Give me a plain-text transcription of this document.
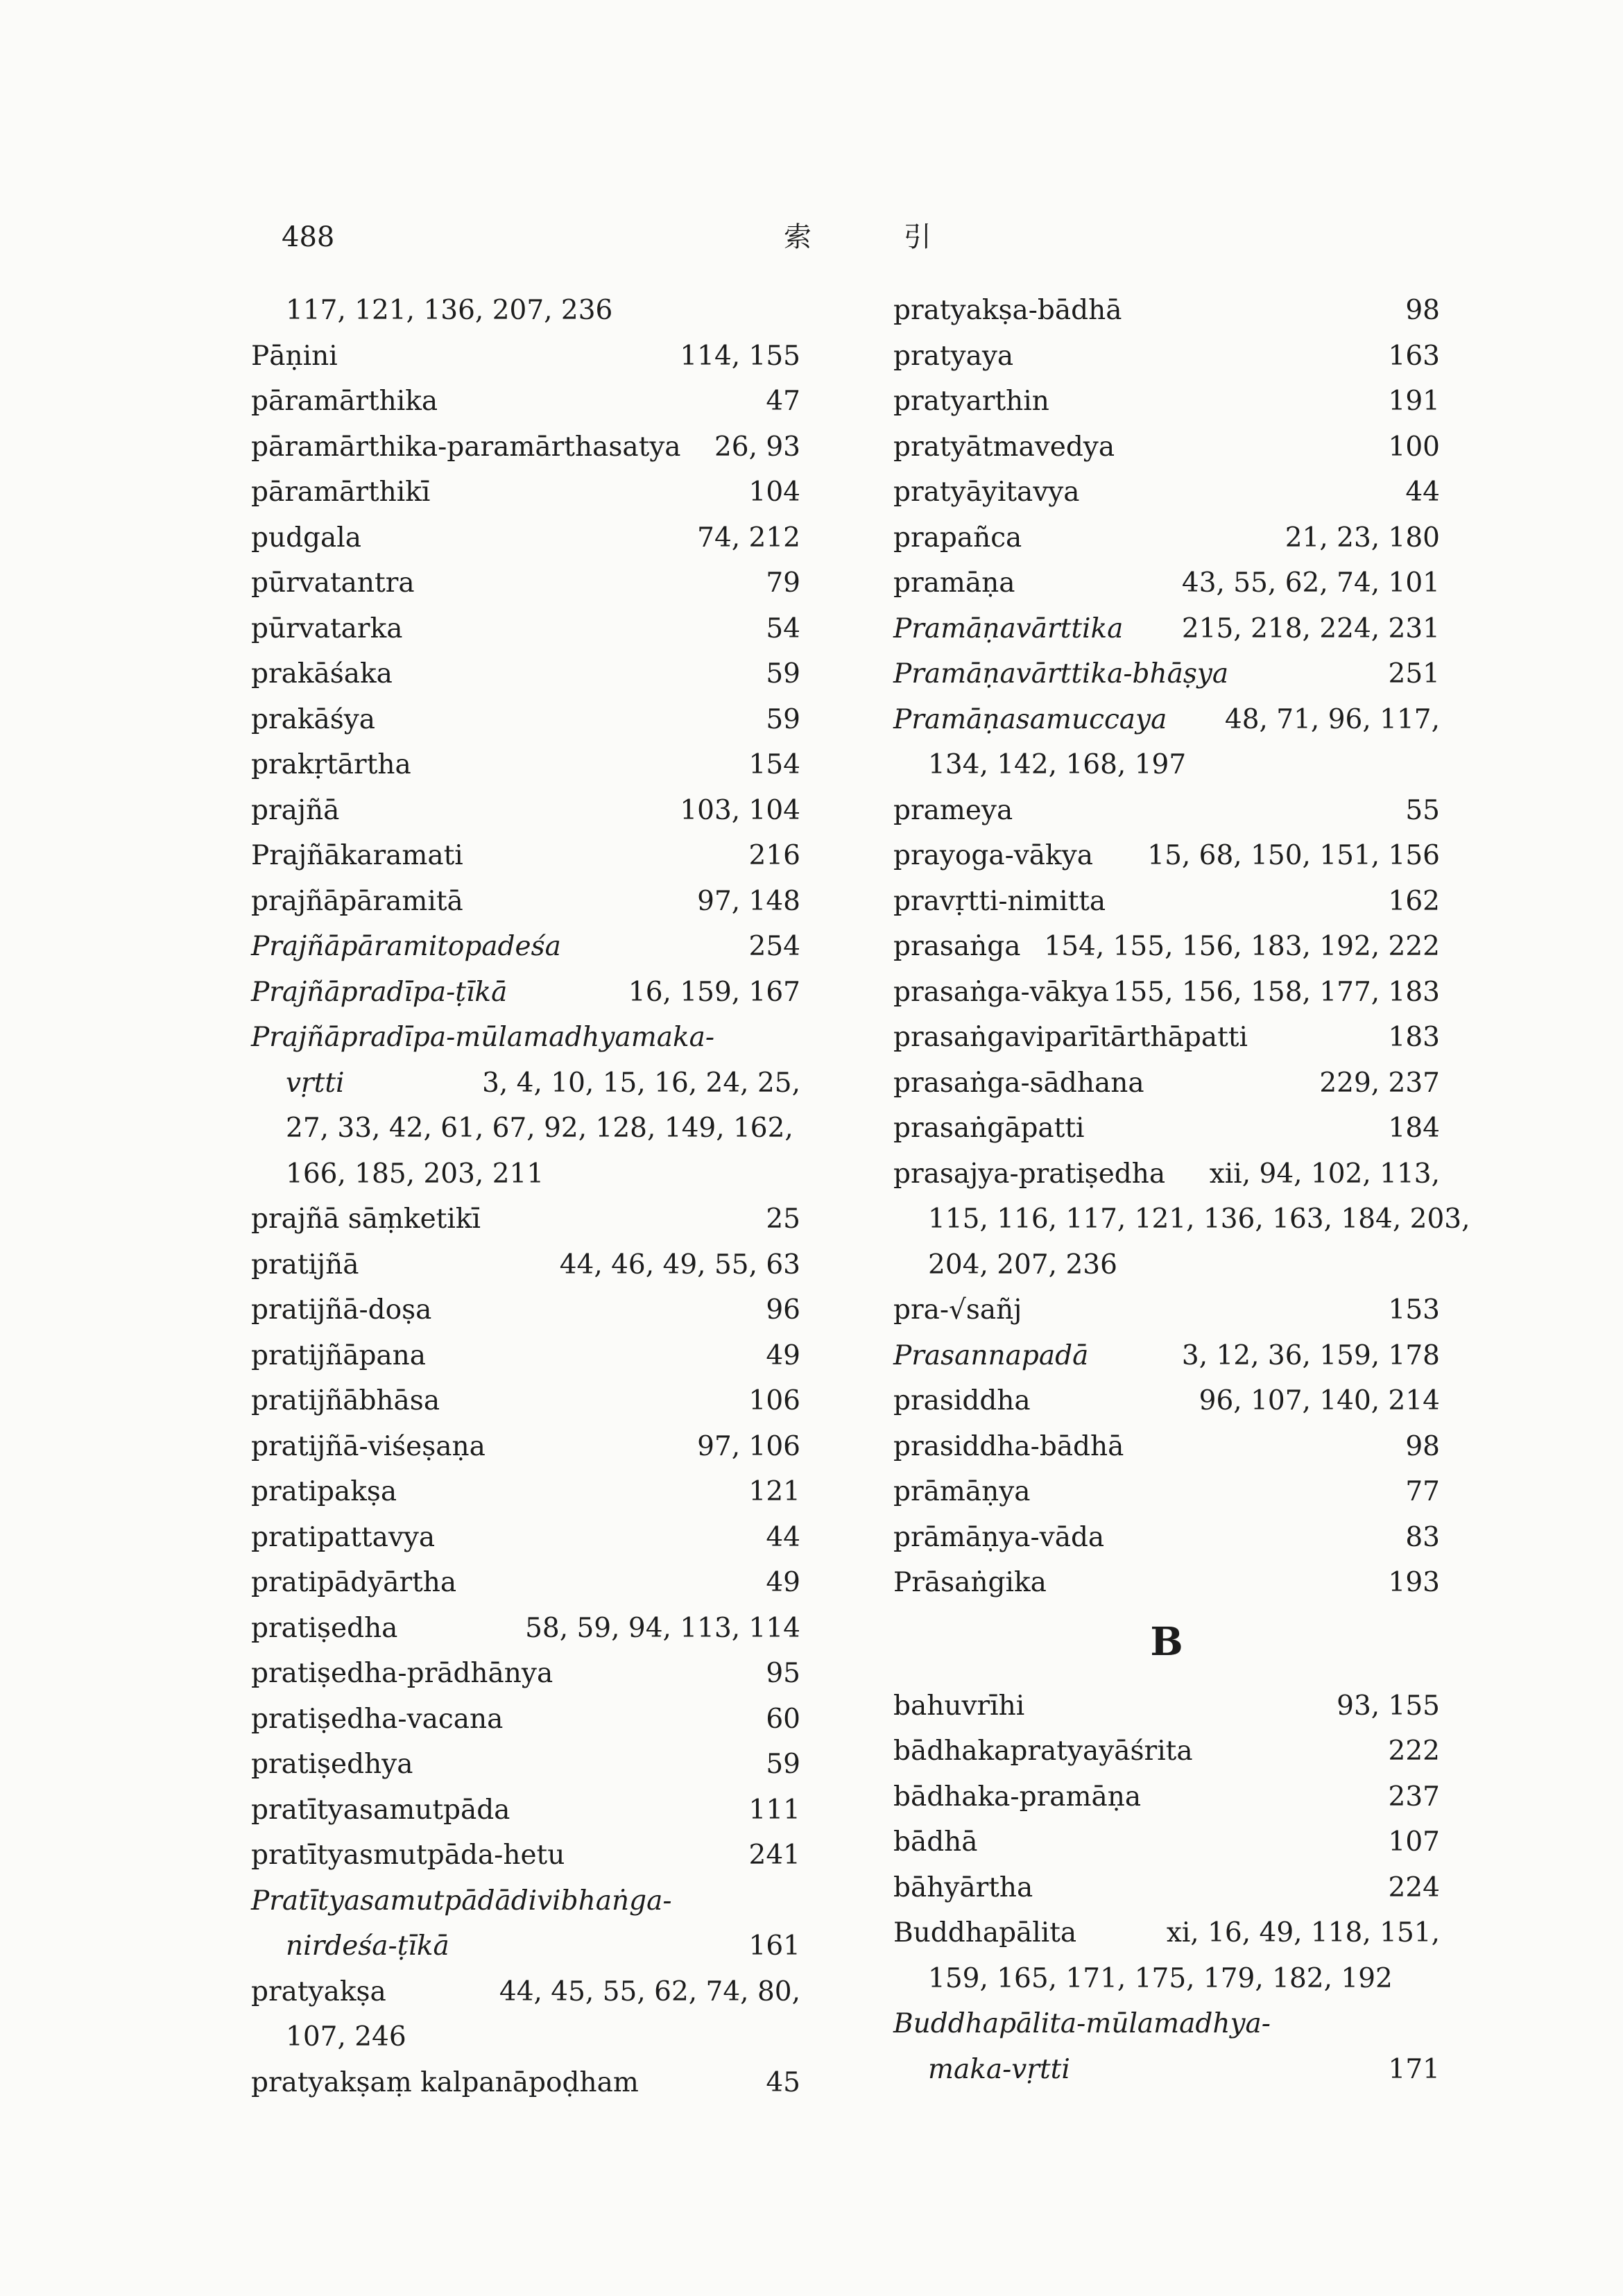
488	索 引
117, 121, 136, 207, 236
Pāṇini	114, 155
pāramārthika	47
pāramārthika-paramārthasatya 26, 93
pāramārthikī	104
pudgala	74, 212
pūrvatantra	79
pūrvatarka	54
prakāśaka	59
prakāśya	59
prakṛtārtha	154
prajñā	103, 104
Prajñākaramati	216
prajñāpāramitā	97, 148
Prajñāpāramitopadeśa	254
Prajñāpradīpa-ṭīkā	16, 159, 167
Prajñāpradīpa-mūlamadhyamaka-
vṛtti	3, 4, 10, 15, 16, 24, 25,
27, 33, 42, 61, 67, 92, 128, 149, 162,
166, 185, 203, 211
prajñā sāṃketikī	25
pratijñā	44, 46, 49, 55, 63
pratijñā-doṣa	96
pratijñāpana	49
pratijñābhāsa	106
pratijñā-viśeṣaṇa	97, 106
pratipakṣa	121
pratipattavya	44
pratipādyārtha	49
pratiṣedha	58, 59, 94, 113, 114
pratiṣedha-prādhānya	95
pratiṣedha-vacana	60
pratiṣedhya	59
pratītyasamutpāda	111
pratītyasmutpāda-hetu	241
Pratītyasamutpādādivibhaṅga-
nirdeśa-ṭīkā	161
pratyakṣa	44, 45, 55, 62, 74, 80,
107, 246
pratyakṣaṃ kalpanāpoḍham	45
pratyakṣa-bādhā	98
pratyaya	163
pratyarthin	191
pratyātmavedya	100
pratyāyitavya	44
prapañca	21, 23, 180
pramāṇa	43, 55, 62, 74, 101
Pramāṇavārttika 215, 218, 224, 231
Pramāṇavārttika-bhāṣya	251
Pramāṇasamuccaya 48, 71, 96, 117,
134, 142, 168, 197
prameya	55
prayoga-vākya 15, 68, 150, 151, 156
pravṛtti-nimitta	162
prasaṅga 154, 155, 156, 183, 192, 222
prasaṅga-vākya 155, 156, 158, 177, 183
prasaṅgaviparītārthāpatti	183
prasaṅga-sādhana	229, 237
prasaṅgāpatti	184
prasajya-pratiṣedha xii, 94, 102, 113,
115, 116, 117, 121, 136, 163, 184, 203,
204, 207, 236
pra-√sañj	153
Prasannapadā	3, 12, 36, 159, 178
prasiddha	96, 107, 140, 214
prasiddha-bādhā	98
prāmāṇya	77
prāmāṇya-vāda	83
Prāsaṅgika	193
B
bahuvrīhi	93, 155
bādhakapratyayāśrita	222
bādhaka-pramāṇa	237
bādhā	107
bāhyārtha	224
Buddhapālita	xi, 16, 49, 118, 151,
159, 165, 171, 175, 179, 182, 192
Buddhapālita-mūlamadhya-
maka-vṛtti	171
